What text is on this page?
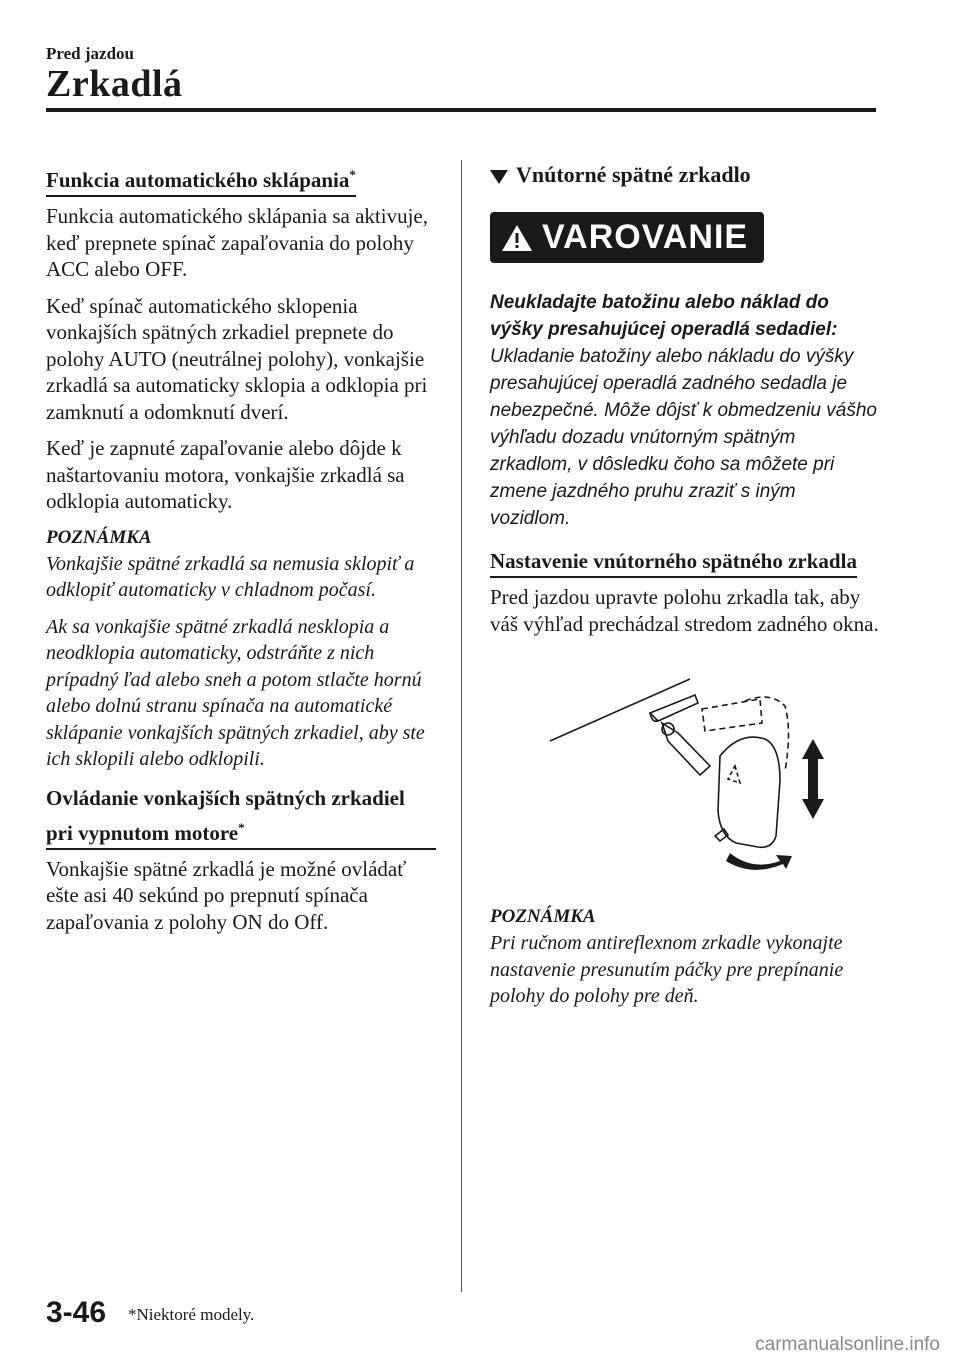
Pred jazdou
Zrkadlá
Funkcia automatického sklápania*

Funkcia automatického sklápania sa aktivuje, keď prepnete spínač zapaľovania do polohy ACC alebo OFF.

Keď spínač automatického sklopenia vonkajších spätných zrkadiel prepnete do polohy AUTO (neutrálnej polohy), vonkajšie zrkadlá sa automaticky sklopia a odklopia pri zamknutí a odomknutí dverí.

Keď je zapnuté zapaľovanie alebo dôjde k naštartovaniu motora, vonkajšie zrkadlá sa odklopia automaticky.

POZNÁMKA

Vonkajšie spätné zrkadlá sa nemusia sklopiť a odklopiť automaticky v chladnom počasí.

Ak sa vonkajšie spätné zrkadlá nesklopia a neodklopia automaticky, odstráňte z nich prípadný ľad alebo sneh a potom stlačte hornú alebo dolnú stranu spínača na automatické sklápanie vonkajších spätných zrkadiel, aby ste ich sklopili alebo odklopili.

Ovládanie vonkajších spätných zrkadiel pri vypnutom motore*

Vonkajšie spätné zrkadlá je možné ovládať ešte asi 40 sekúnd po prepnutí spínača zapaľovania z polohy ON do Off.

Vnútorné spätné zrkadlo
VAROVANIE

Neukladajte batožinu alebo náklad do výšky presahujúcej operadlá sedadiel:

Ukladanie batožiny alebo nákladu do výšky presahujúcej operadlá zadného sedadla je nebezpečné. Môže dôjsť k obmedzeniu vášho výhľadu dozadu vnútorným spätným zrkadlom, v dôsledku čoho sa môžete pri zmene jazdného pruhu zraziť s iným vozidlom.

Nastavenie vnútorného spätného zrkadla

Pred jazdou upravte polohu zrkadla tak, aby váš výhľad prechádzal stredom zadného okna.

POZNÁMKA

Pri ručnom antireflexnom zrkadle vykonajte nastavenie presunutím páčky pre prepínanie polohy do polohy pre deň.

3-46 *Niektoré modely.
carmanualsonline.info
